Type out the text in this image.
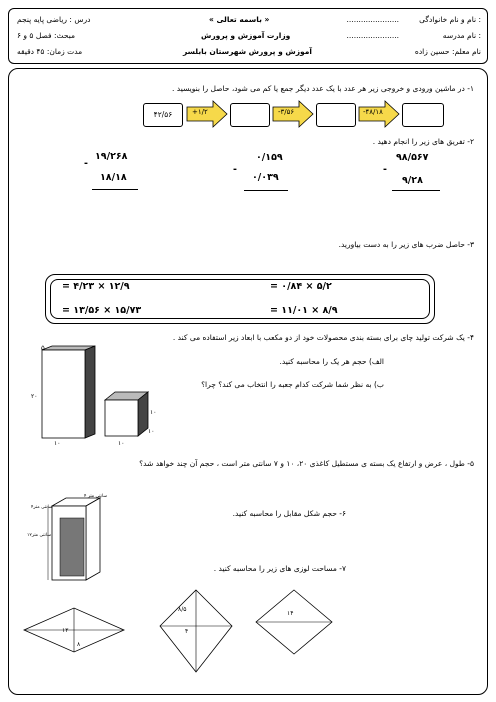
نام و نام خانوادگی :
......................
نام مدرسه :
......................
نام معلم: حسین زاده
« باسمه تعالی »
وزارت آموزش و پرورش
آموزش و پرورش شهرستان بابلسر
درس : ریاضی پایه پنجم
مبحث: فصل ۵ و ۶
مدت زمان: ۴۵ دقیقه
۱- در ماشین ورودی و خروجی زیر هر عدد با یک عدد دیگر جمع یا کم می شود، حاصل را بنویسید .
۴۲/۵۶	+۱/۲	-۳/۵۶	-۴۸/۱۸
۲- تفریق های زیر را انجام دهید .
۹۸/۵۶۷
-
۹/۲۸
۰/۱۵۹
-
۰/۰۳۹
۱۹/۲۶۸
-
۱۸/۱۸
۳- حاصل ضرب های زیر را به دست بیاورید.
= ۰/۸۴ × ۵/۲
= ۴/۲۳ × ۱۲/۹
= ۱۱/۰۱ × ۸/۹
= ۱۳/۵۶ × ۱۵/۷۳
۴- یک شرکت تولید چای برای بسته بندی محصولات خود از دو مکعب با ابعاد زیر استفاده می کند .
الف) حجم هر یک را محاسبه کنید.
ب) به نظر شما شرکت کدام جعبه را انتخاب می کند؟ چرا؟
۵
۲۰
۱۰
۱۰
۱۰
۱۰
۵- طول ، عرض و ارتفاع یک بسته ی مستطیل کاغذی ۲۰، ۱۰ و ۷ سانتی متر است ، حجم آن چند خواهد شد؟
۶- حجم شکل مقابل را محاسبه کنید.
۴ سانتی متر
۴سانتی متر
۱۲سانتی متر
۷- مساحت لوزی های زیر را محاسبه کنید .
۱۲
۸
۸/۵
۴
۱۴
